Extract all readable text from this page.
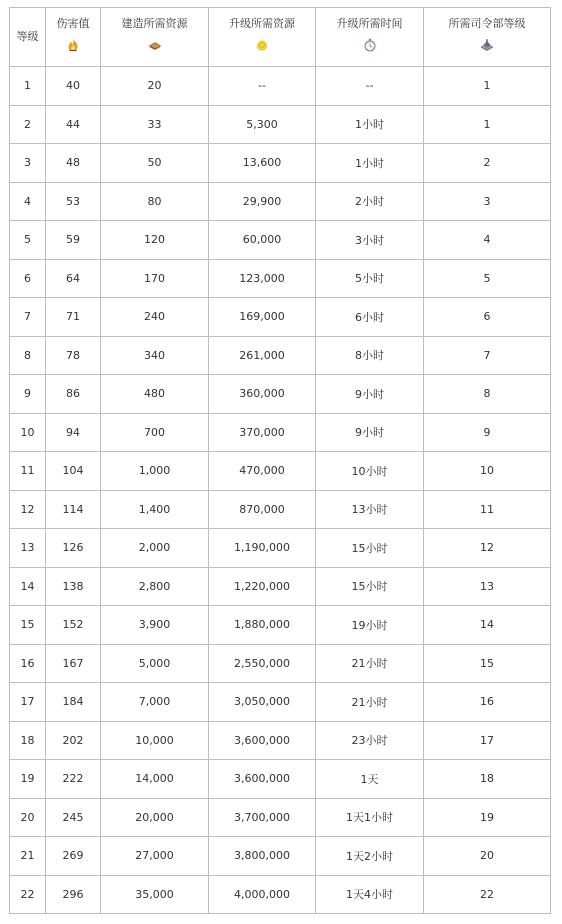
等级	伤害值	建造所需资源	升级所需资源	升级所需时间	所需司令部等级

1	40	20	--	--	1
2	44	33	5,300	1小时	1
3	48	50	13,600	1小时	2
4	53	80	29,900	2小时	3
5	59	120	60,000	3小时	4
6	64	170	123,000	5小时	5
7	71	240	169,000	6小时	6
8	78	340	261,000	8小时	7
9	86	480	360,000	9小时	8
10	94	700	370,000	9小时	9
11	104	1,000	470,000	10小时	10
12	114	1,400	870,000	13小时	11
13	126	2,000	1,190,000	15小时	12
14	138	2,800	1,220,000	15小时	13
15	152	3,900	1,880,000	19小时	14
16	167	5,000	2,550,000	21小时	15
17	184	7,000	3,050,000	21小时	16
18	202	10,000	3,600,000	23小时	17
19	222	14,000	3,600,000	1天	18
20	245	20,000	3,700,000	1天1小时	19
21	269	27,000	3,800,000	1天2小时	20
22	296	35,000	4,000,000	1天4小时	22
